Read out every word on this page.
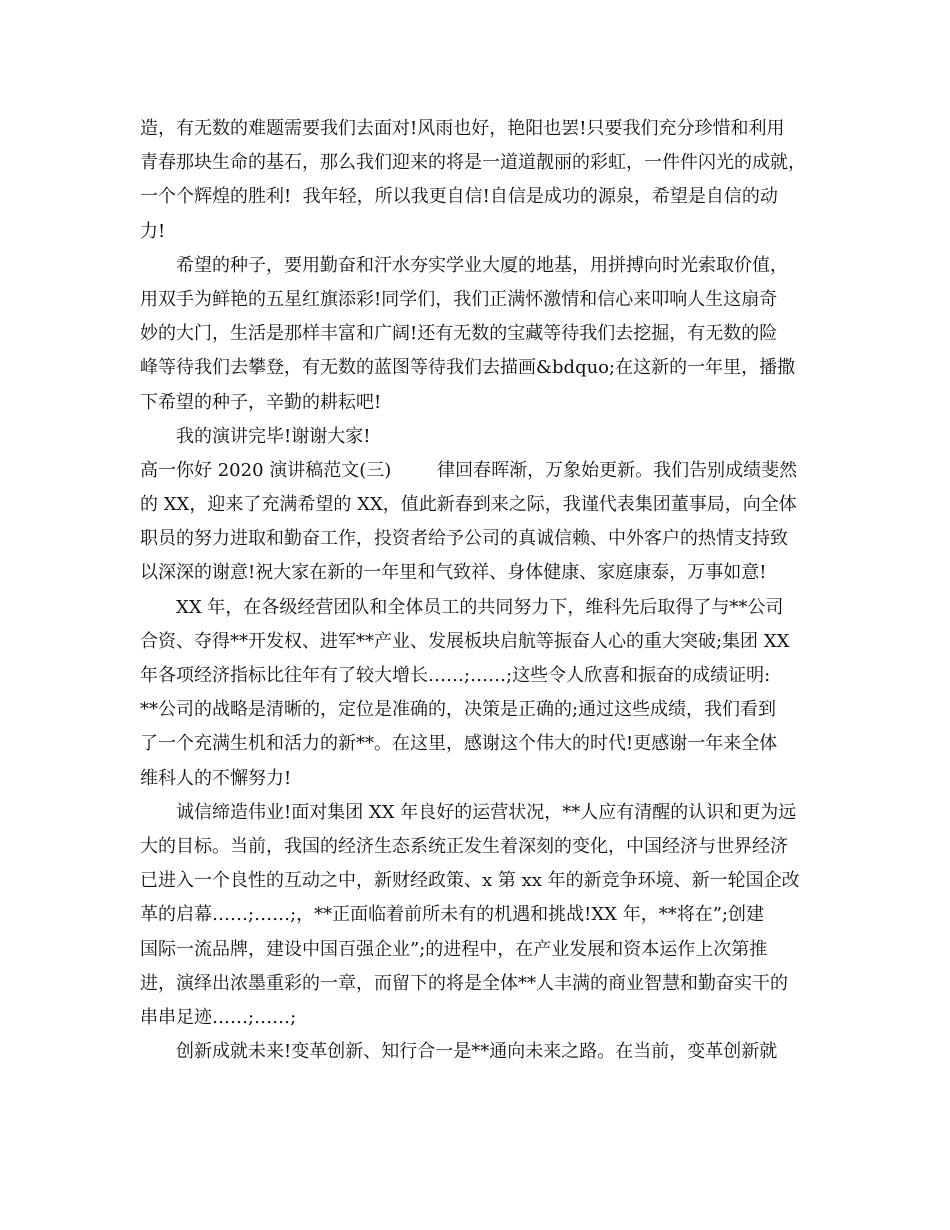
造，有无数的难题需要我们去面对!风雨也好，艳阳也罢!只要我们充分珍惜和利用
青春那块生命的基石，那么我们迎来的将是一道道靓丽的彩虹，一件件闪光的成就，
一个个辉煌的胜利!  我年轻，所以我更自信!自信是成功的源泉，希望是自信的动
力!
希望的种子，要用勤奋和汗水夯实学业大厦的地基，用拼搏向时光索取价值，
用双手为鲜艳的五星红旗添彩!同学们，我们正满怀激情和信心来叩响人生这扇奇
妙的大门，生活是那样丰富和广阔!还有无数的宝藏等待我们去挖掘，有无数的险
峰等待我们去攀登，有无数的蓝图等待我们去描画&bdquo;在这新的一年里，播撒
下希望的种子，辛勤的耕耘吧!
我的演讲完毕!谢谢大家!
高一你好 2020 演讲稿范文(三)        律回春晖渐，万象始更新。我们告别成绩斐然
的 XX，迎来了充满希望的 XX，值此新春到来之际，我谨代表集团董事局，向全体
职员的努力进取和勤奋工作，投资者给予公司的真诚信赖、中外客户的热情支持致
以深深的谢意!祝大家在新的一年里和气致祥、身体健康、家庭康泰，万事如意!
XX 年，在各级经营团队和全体员工的共同努力下，维科先后取得了与**公司
合资、夺得**开发权、进军**产业、发展板块启航等振奋人心的重大突破;集团 XX
年各项经济指标比往年有了较大增长……;……;这些令人欣喜和振奋的成绩证明:
**公司的战略是清晰的，定位是准确的，决策是正确的;通过这些成绩，我们看到
了一个充满生机和活力的新**。在这里，感谢这个伟大的时代!更感谢一年来全体
维科人的不懈努力!
诚信缔造伟业!面对集团 XX 年良好的运营状况，**人应有清醒的认识和更为远
大的目标。当前，我国的经济生态系统正发生着深刻的变化，中国经济与世界经济
已进入一个良性的互动之中，新财经政策、x 第 xx 年的新竞争环境、新一轮国企改
革的启幕……;……;，**正面临着前所未有的机遇和挑战!XX 年，**将在”;创建
国际一流品牌，建设中国百强企业”;的进程中，在产业发展和资本运作上次第推
进，演绎出浓墨重彩的一章，而留下的将是全体**人丰满的商业智慧和勤奋实干的
串串足迹……;……;
创新成就未来!变革创新、知行合一是**通向未来之路。在当前，变革创新就
